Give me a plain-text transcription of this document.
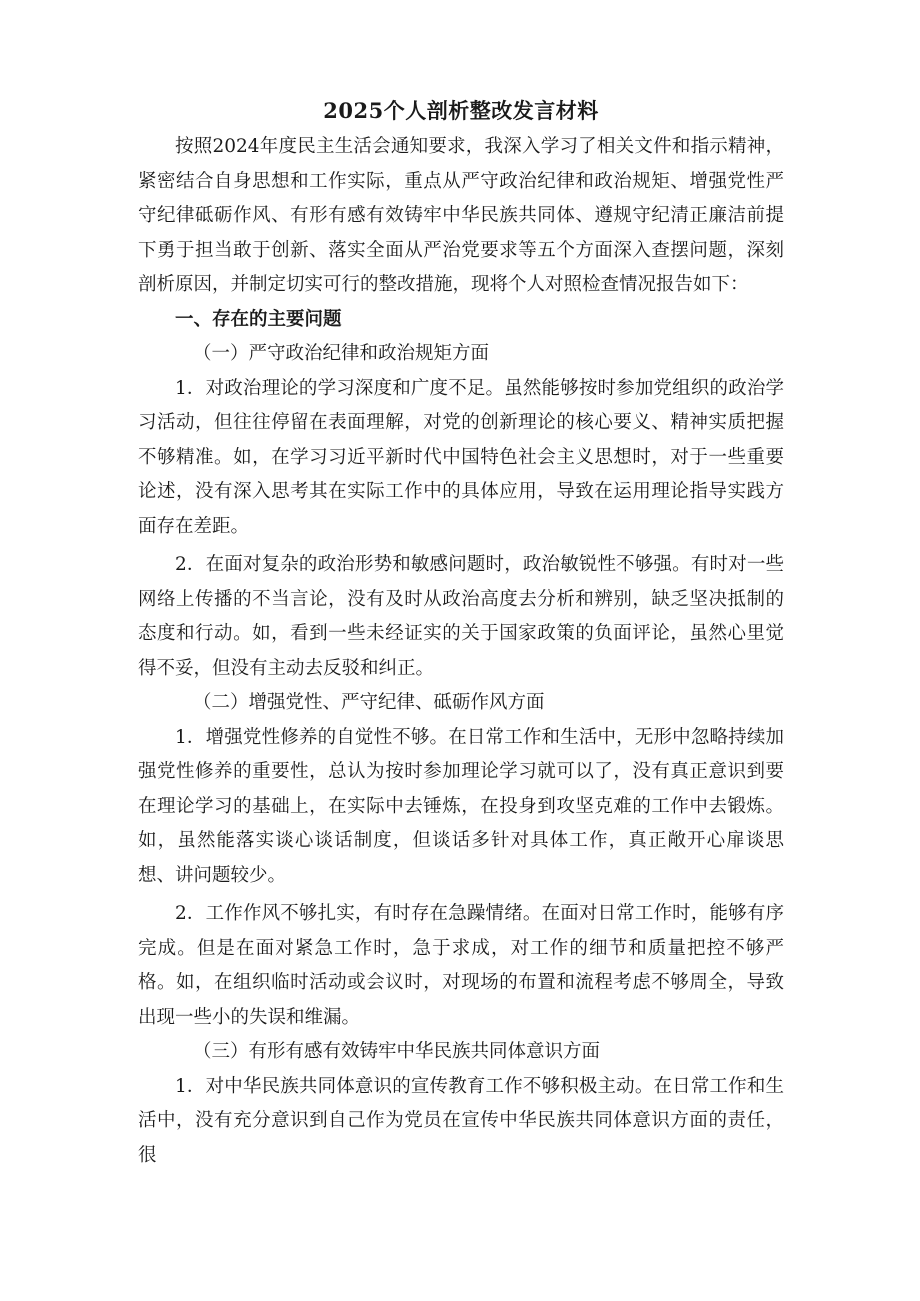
2025个人剖析整改发言材料

按照2024年度民主生活会通知要求，我深入学习了相关文件和指示精神，紧密结合自身思想和工作实际，重点从严守政治纪律和政治规矩、增强党性严守纪律砥砺作风、有形有感有效铸牢中华民族共同体、遵规守纪清正廉洁前提下勇于担当敢于创新、落实全面从严治党要求等五个方面深入查摆问题，深刻剖析原因，并制定切实可行的整改措施，现将个人对照检查情况报告如下：

一、存在的主要问题
（一）严守政治纪律和政治规矩方面

1．对政治理论的学习深度和广度不足。虽然能够按时参加党组织的政治学习活动，但往往停留在表面理解，对党的创新理论的核心要义、精神实质把握不够精准。如，在学习习近平新时代中国特色社会主义思想时，对于一些重要论述，没有深入思考其在实际工作中的具体应用，导致在运用理论指导实践方面存在差距。

2．在面对复杂的政治形势和敏感问题时，政治敏锐性不够强。有时对一些网络上传播的不当言论，没有及时从政治高度去分析和辨别，缺乏坚决抵制的态度和行动。如，看到一些未经证实的关于国家政策的负面评论，虽然心里觉得不妥，但没有主动去反驳和纠正。

（二）增强党性、严守纪律、砥砺作风方面

1．增强党性修养的自觉性不够。在日常工作和生活中，无形中忽略持续加强党性修养的重要性，总认为按时参加理论学习就可以了，没有真正意识到要在理论学习的基础上，在实际中去锤炼，在投身到攻坚克难的工作中去锻炼。如，虽然能落实谈心谈话制度，但谈话多针对具体工作，真正敞开心扉谈思想、讲问题较少。

2．工作作风不够扎实，有时存在急躁情绪。在面对日常工作时，能够有序完成。但是在面对紧急工作时，急于求成，对工作的细节和质量把控不够严格。如，在组织临时活动或会议时，对现场的布置和流程考虑不够周全，导致出现一些小的失误和维漏。

（三）有形有感有效铸牢中华民族共同体意识方面

1．对中华民族共同体意识的宣传教育工作不够积极主动。在日常工作和生活中，没有充分意识到自己作为党员在宣传中华民族共同体意识方面的责任，很
